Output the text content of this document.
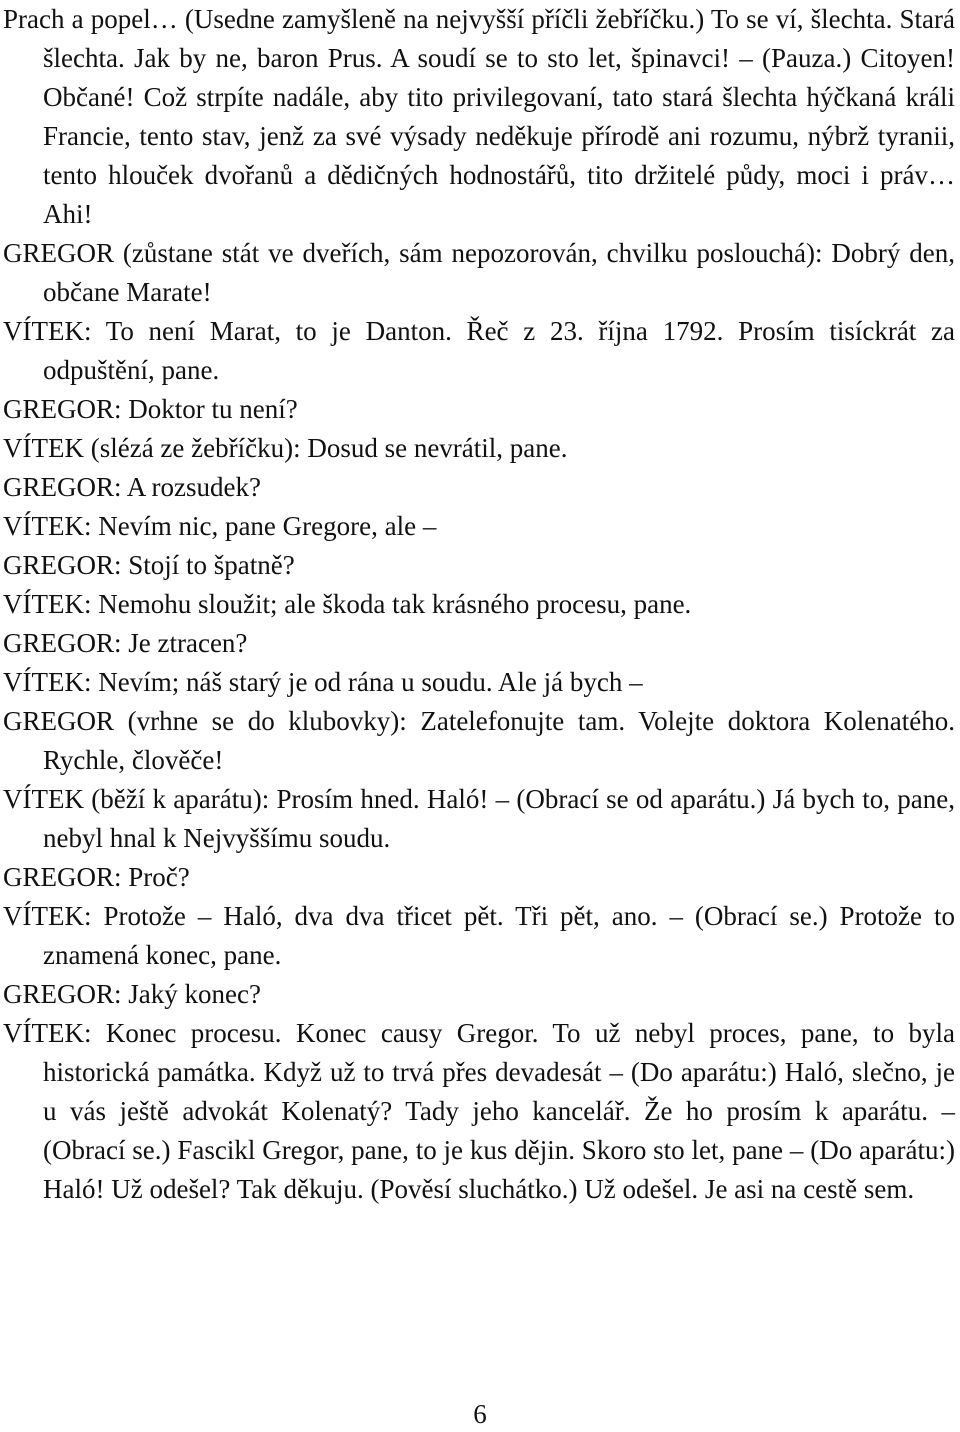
Prach a popel… (Usedne zamyšleně na nejvyšší příčli žebříčku.) To se ví, šlechta. Stará šlechta. Jak by ne, baron Prus. A soudí se to sto let, špinavci! – (Pauza.) Citoyen! Občané! Což strpíte nadále, aby tito privilegovaní, tato stará šlechta hýčkaná králi Francie, tento stav, jenž za své výsady neděkuje přírodě ani rozumu, nýbrž tyranii, tento hlouček dvořanů a dědičných hodnostářů, tito držitelé půdy, moci i práv… Ahi!

GREGOR (zůstane stát ve dveřích, sám nepozorován, chvilku poslouchá): Dobrý den, občane Marate!

VÍTEK: To není Marat, to je Danton. Řeč z 23. října 1792. Prosím tisíckrát za odpuštění, pane.

GREGOR: Doktor tu není?

VÍTEK (slézá ze žebříčku): Dosud se nevrátil, pane.

GREGOR: A rozsudek?

VÍTEK: Nevím nic, pane Gregore, ale –

GREGOR: Stojí to špatně?

VÍTEK: Nemohu sloužit; ale škoda tak krásného procesu, pane.

GREGOR: Je ztracen?

VÍTEK: Nevím; náš starý je od rána u soudu. Ale já bych –

GREGOR (vrhne se do klubovky): Zatelefonujte tam. Volejte doktora Kolenatého. Rychle, člověče!

VÍTEK (běží k aparátu): Prosím hned. Haló! – (Obrací se od aparátu.) Já bych to, pane, nebyl hnal k Nejvyššímu soudu.

GREGOR: Proč?

VÍTEK: Protože – Haló, dva dva třicet pět. Tři pět, ano. – (Obrací se.) Protože to znamená konec, pane.

GREGOR: Jaký konec?

VÍTEK: Konec procesu. Konec causy Gregor. To už nebyl proces, pane, to byla historická památka. Když už to trvá přes devadesát – (Do aparátu:) Haló, slečno, je u vás ještě advokát Kolenatý? Tady jeho kancelář. Že ho prosím k aparátu. – (Obrací se.) Fascikl Gregor, pane, to je kus dějin. Skoro sto let, pane – (Do aparátu:) Haló! Už odešel? Tak děkuju. (Pověsí sluchátko.) Už odešel. Je asi na cestě sem.

6
